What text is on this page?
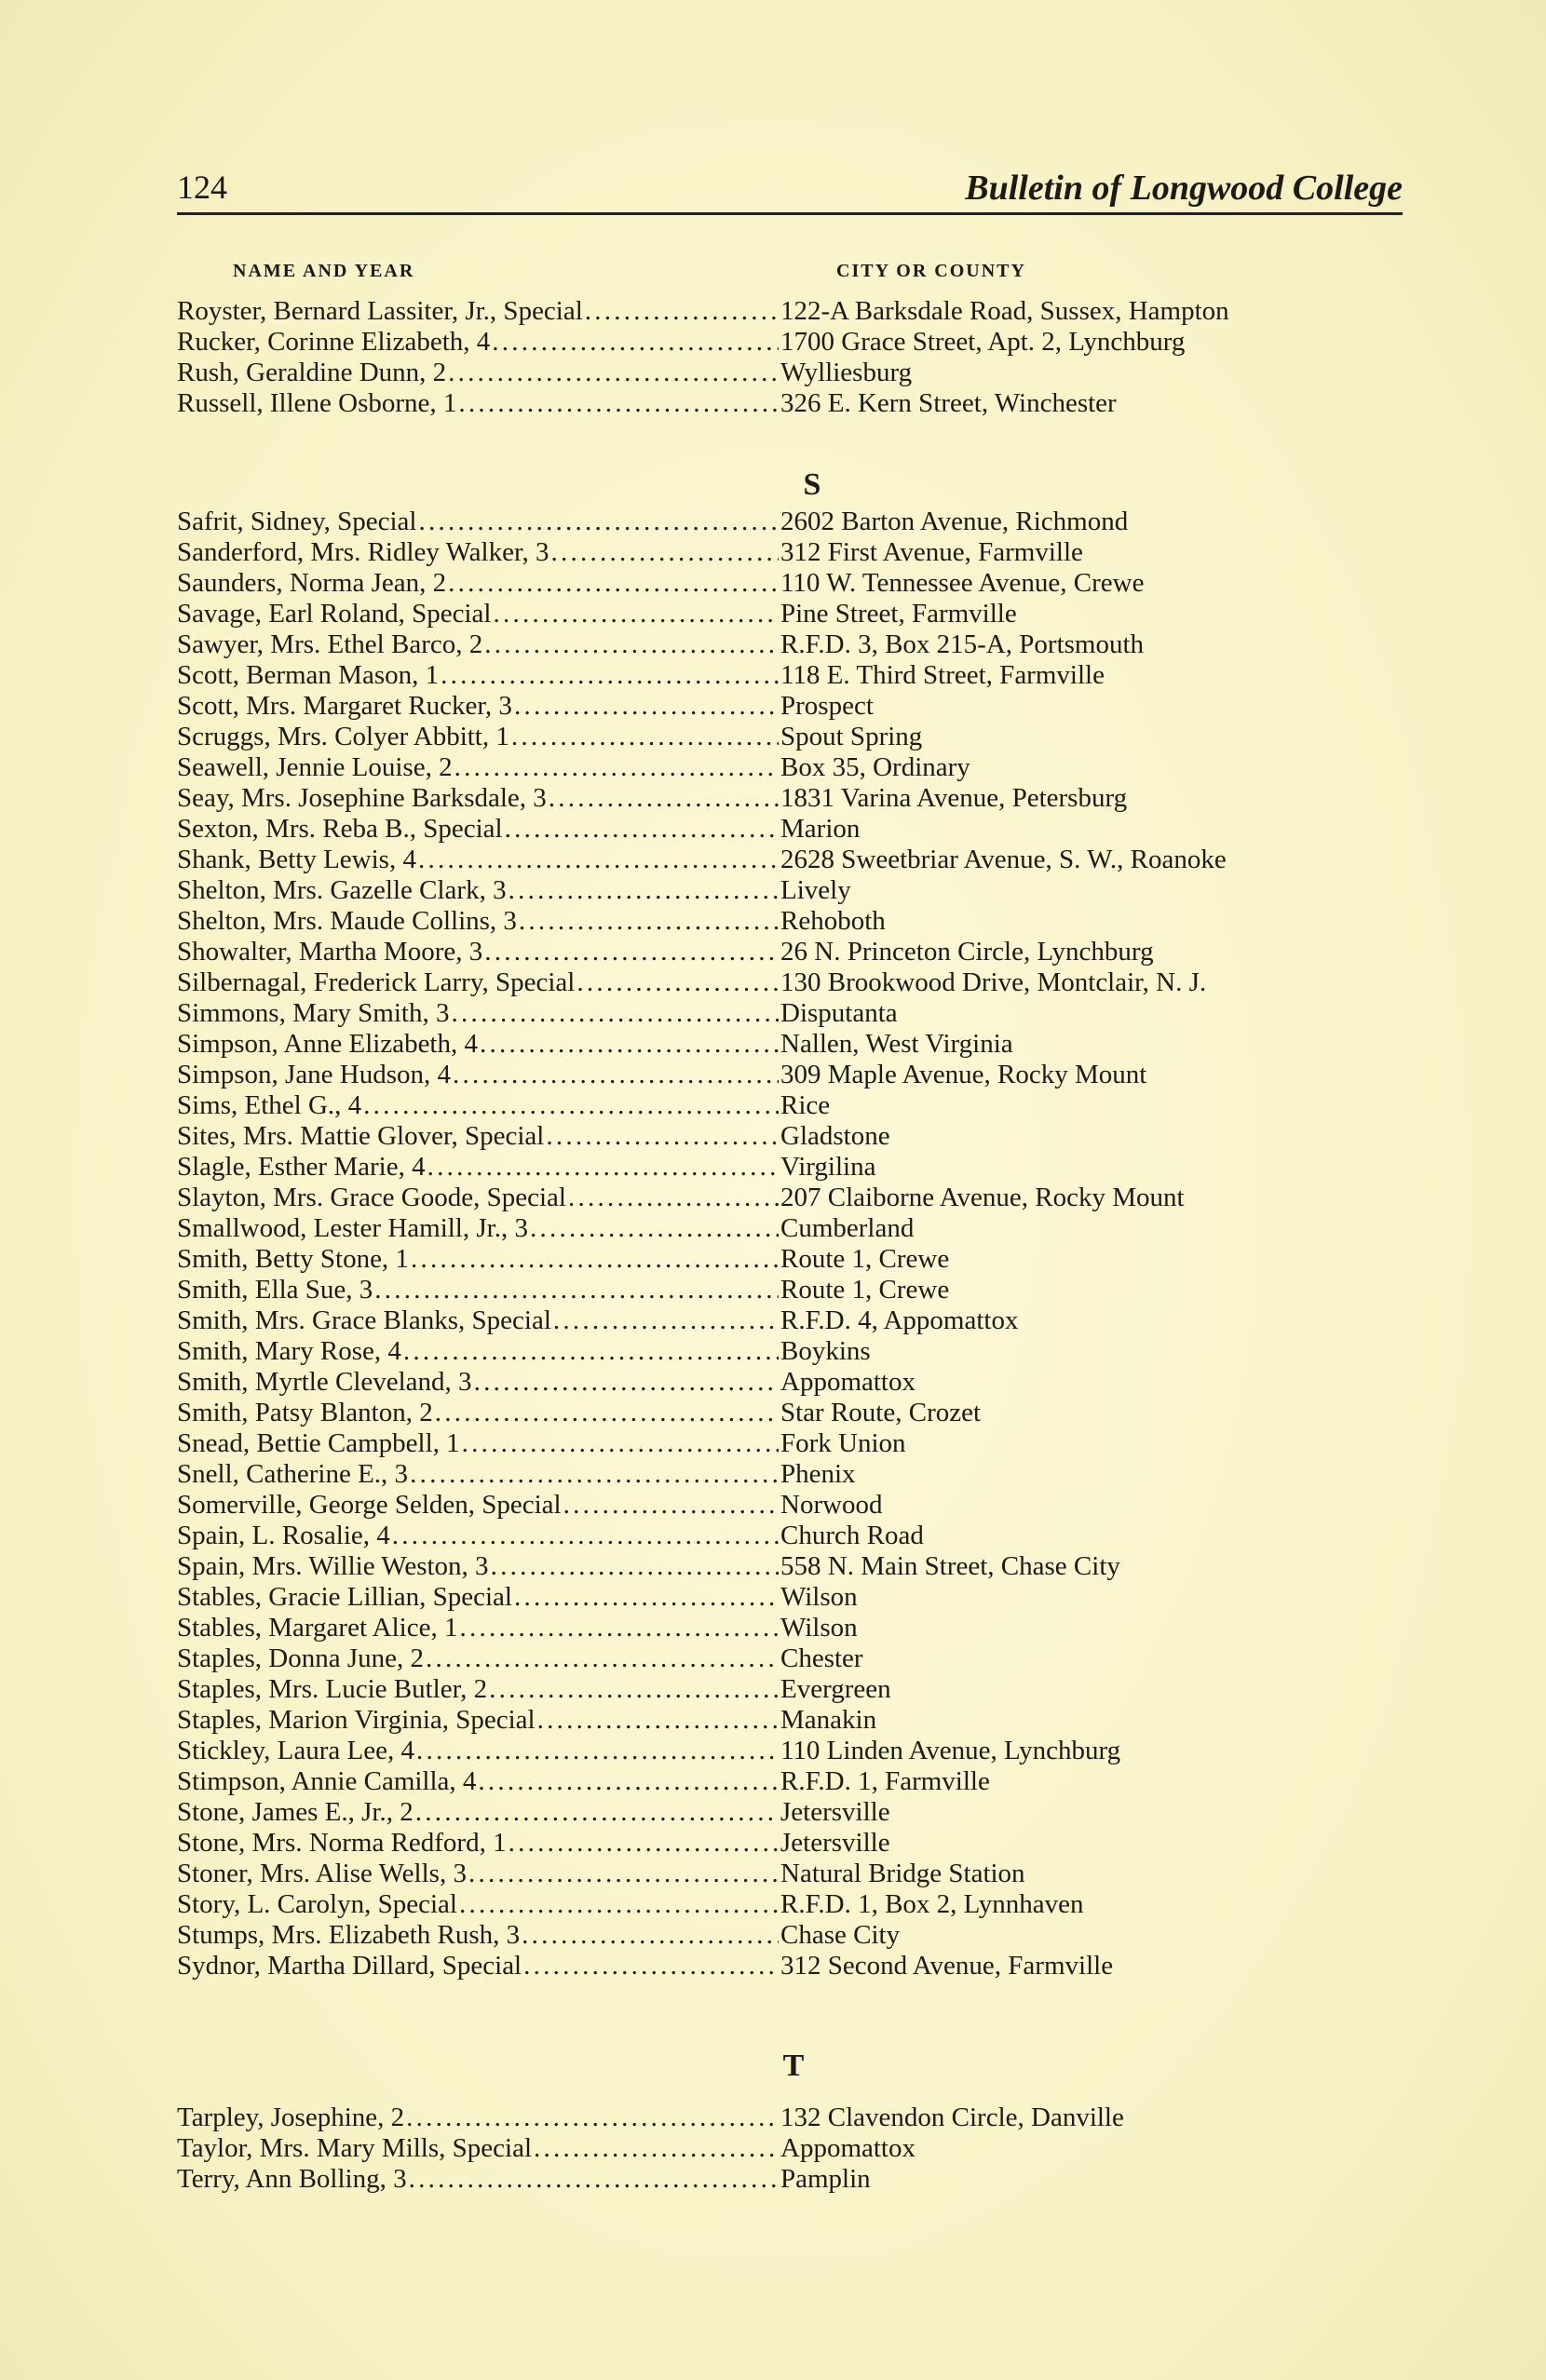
124	Bulletin of Longwood College
NAME AND YEAR	CITY OR COUNTY
Royster, Bernard Lassiter, Jr., Special . . .	122-A Barksdale Road, Sussex, Hampton
Rucker, Corinne Elizabeth, 4 . . .	1700 Grace Street, Apt. 2, Lynchburg
Rush, Geraldine Dunn, 2 . . .	Wylliesburg
Russell, Illene Osborne, 1 . . .	326 E. Kern Street, Winchester
S
Safrit, Sidney, Special . . .	2602 Barton Avenue, Richmond
Sanderford, Mrs. Ridley Walker, 3 . . .	312 First Avenue, Farmville
Saunders, Norma Jean, 2 . . .	110 W. Tennessee Avenue, Crewe
Savage, Earl Roland, Special . . .	Pine Street, Farmville
Sawyer, Mrs. Ethel Barco, 2 . . .	R.F.D. 3, Box 215-A, Portsmouth
Scott, Berman Mason, 1 . . .	118 E. Third Street, Farmville
Scott, Mrs. Margaret Rucker, 3 . . .	Prospect
Scruggs, Mrs. Colyer Abbitt, 1 . . .	Spout Spring
Seawell, Jennie Louise, 2 . . .	Box 35, Ordinary
Seay, Mrs. Josephine Barksdale, 3 . . .	1831 Varina Avenue, Petersburg
Sexton, Mrs. Reba B., Special . . .	Marion
Shank, Betty Lewis, 4 . . .	2628 Sweetbriar Avenue, S. W., Roanoke
Shelton, Mrs. Gazelle Clark, 3 . . .	Lively
Shelton, Mrs. Maude Collins, 3 . . .	Rehoboth
Showalter, Martha Moore, 3 . . .	26 N. Princeton Circle, Lynchburg
Silbernagal, Frederick Larry, Special . . .	130 Brookwood Drive, Montclair, N. J.
Simmons, Mary Smith, 3 . . .	Disputanta
Simpson, Anne Elizabeth, 4 . . .	Nallen, West Virginia
Simpson, Jane Hudson, 4 . . .	309 Maple Avenue, Rocky Mount
Sims, Ethel G., 4 . . .	Rice
Sites, Mrs. Mattie Glover, Special . . .	Gladstone
Slagle, Esther Marie, 4 . . .	Virgilina
Slayton, Mrs. Grace Goode, Special . . .	207 Claiborne Avenue, Rocky Mount
Smallwood, Lester Hamill, Jr., 3 . . .	Cumberland
Smith, Betty Stone, 1 . . .	Route 1, Crewe
Smith, Ella Sue, 3 . . .	Route 1, Crewe
Smith, Mrs. Grace Blanks, Special . . .	R.F.D. 4, Appomattox
Smith, Mary Rose, 4 . . .	Boykins
Smith, Myrtle Cleveland, 3 . . .	Appomattox
Smith, Patsy Blanton, 2 . . .	Star Route, Crozet
Snead, Bettie Campbell, 1 . . .	Fork Union
Snell, Catherine E., 3 . . .	Phenix
Somerville, George Selden, Special . . .	Norwood
Spain, L. Rosalie, 4 . . .	Church Road
Spain, Mrs. Willie Weston, 3 . . .	558 N. Main Street, Chase City
Stables, Gracie Lillian, Special . . .	Wilson
Stables, Margaret Alice, 1 . . .	Wilson
Staples, Donna June, 2 . . .	Chester
Staples, Mrs. Lucie Butler, 2 . . .	Evergreen
Staples, Marion Virginia, Special . . .	Manakin
Stickley, Laura Lee, 4 . . .	110 Linden Avenue, Lynchburg
Stimpson, Annie Camilla, 4 . . .	R.F.D. 1, Farmville
Stone, James E., Jr., 2 . . .	Jetersville
Stone, Mrs. Norma Redford, 1 . . .	Jetersville
Stoner, Mrs. Alise Wells, 3 . . .	Natural Bridge Station
Story, L. Carolyn, Special . . .	R.F.D. 1, Box 2, Lynnhaven
Stumps, Mrs. Elizabeth Rush, 3 . . .	Chase City
Sydnor, Martha Dillard, Special . . .	312 Second Avenue, Farmville
T
Tarpley, Josephine, 2 . . .	132 Clavendon Circle, Danville
Taylor, Mrs. Mary Mills, Special . . .	Appomattox
Terry, Ann Bolling, 3 . . .	Pamplin
